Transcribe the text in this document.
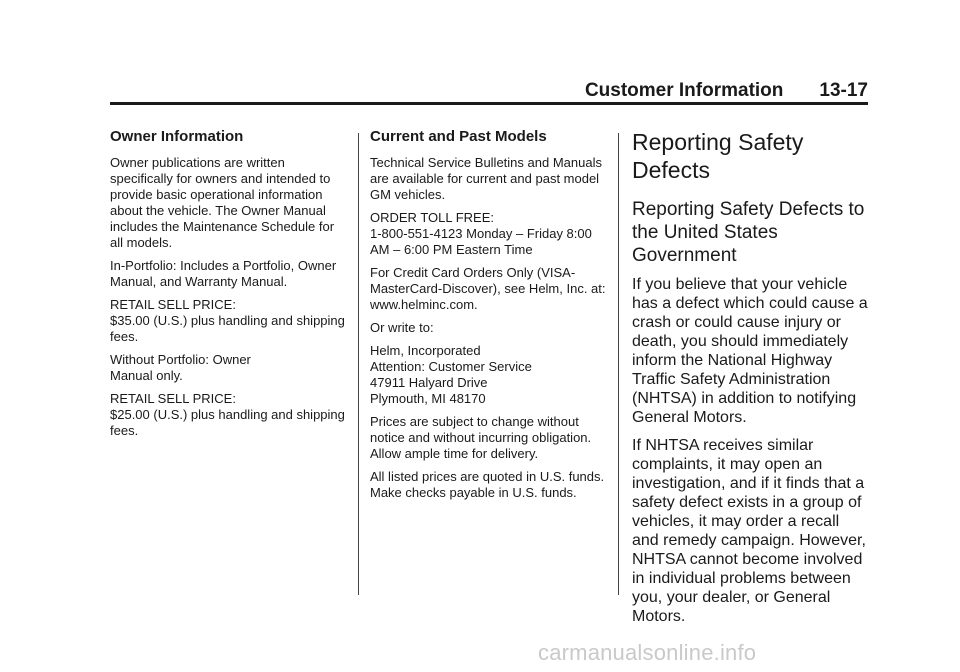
Customer Information 13-17
Owner Information

Owner publications are written specifically for owners and intended to provide basic operational information about the vehicle. The Owner Manual includes the Maintenance Schedule for all models.

In-Portfolio: Includes a Portfolio, Owner Manual, and Warranty Manual.

RETAIL SELL PRICE:
$35.00 (U.S.) plus handling and shipping fees.

Without Portfolio: Owner
Manual only.

RETAIL SELL PRICE:
$25.00 (U.S.) plus handling and shipping fees.

Current and Past Models

Technical Service Bulletins and Manuals are available for current and past model GM vehicles.

ORDER TOLL FREE:
1-800-551-4123 Monday – Friday 8:00 AM – 6:00 PM Eastern Time

For Credit Card Orders Only (VISA-MasterCard-Discover), see Helm, Inc. at: www.helminc.com.

Or write to:

Helm, Incorporated
Attention: Customer Service
47911 Halyard Drive
Plymouth, MI 48170

Prices are subject to change without notice and without incurring obligation. Allow ample time for delivery.

All listed prices are quoted in U.S. funds. Make checks payable in U.S. funds.

Reporting Safety Defects
Reporting Safety Defects to the United States Government

If you believe that your vehicle has a defect which could cause a crash or could cause injury or death, you should immediately inform the National Highway Traffic Safety Administration (NHTSA) in addition to notifying General Motors.

If NHTSA receives similar complaints, it may open an investigation, and if it finds that a safety defect exists in a group of vehicles, it may order a recall and remedy campaign. However, NHTSA cannot become involved in individual problems between you, your dealer, or General Motors.

carmanualsonline.info
